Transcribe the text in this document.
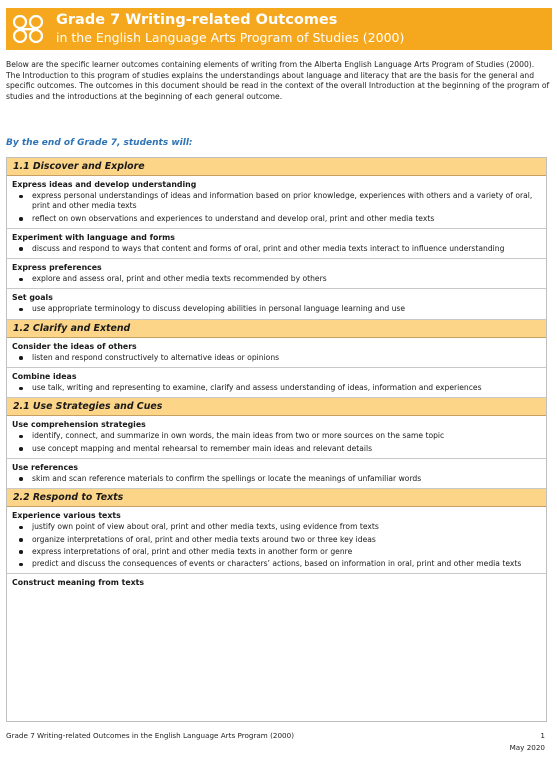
Grade 7 Writing-related Outcomes
in the English Language Arts Program of Studies (2000)

Below are the specific learner outcomes containing elements of writing from the Alberta English Language Arts Program of Studies (2000). The Introduction to this program of studies explains the understandings about language and literacy that are the basis for the general and specific outcomes. The outcomes in this document should be read in the context of the overall Introduction at the beginning of the program of studies and the introductions at the beginning of each general outcome.

By the end of Grade 7, students will:
1.1 Discover and Explore
Express ideas and develop understanding
express personal understandings of ideas and information based on prior knowledge, experiences with others and a variety of oral, print and other media texts
reflect on own observations and experiences to understand and develop oral, print and other media texts
Experiment with language and forms
discuss and respond to ways that content and forms of oral, print and other media texts interact to influence understanding
Express preferences
explore and assess oral, print and other media texts recommended by others
Set goals
use appropriate terminology to discuss developing abilities in personal language learning and use
1.2 Clarify and Extend
Consider the ideas of others
listen and respond constructively to alternative ideas or opinions
Combine ideas
use talk, writing and representing to examine, clarify and assess understanding of ideas, information and experiences
2.1 Use Strategies and Cues
Use comprehension strategies
identify, connect, and summarize in own words, the main ideas from two or more sources on the same topic
use concept mapping and mental rehearsal to remember main ideas and relevant details
Use references
skim and scan reference materials to confirm the spellings or locate the meanings of unfamiliar words
2.2 Respond to Texts
Experience various texts
justify own point of view about oral, print and other media texts, using evidence from texts
organize interpretations of oral, print and other media texts around two or three key ideas
express interpretations of oral, print and other media texts in another form or genre
predict and discuss the consequences of events or characters’ actions, based on information in oral, print and other media texts
Construct meaning from texts
Grade 7 Writing-related Outcomes in the English Language Arts Program (2000)	1
May 2020
